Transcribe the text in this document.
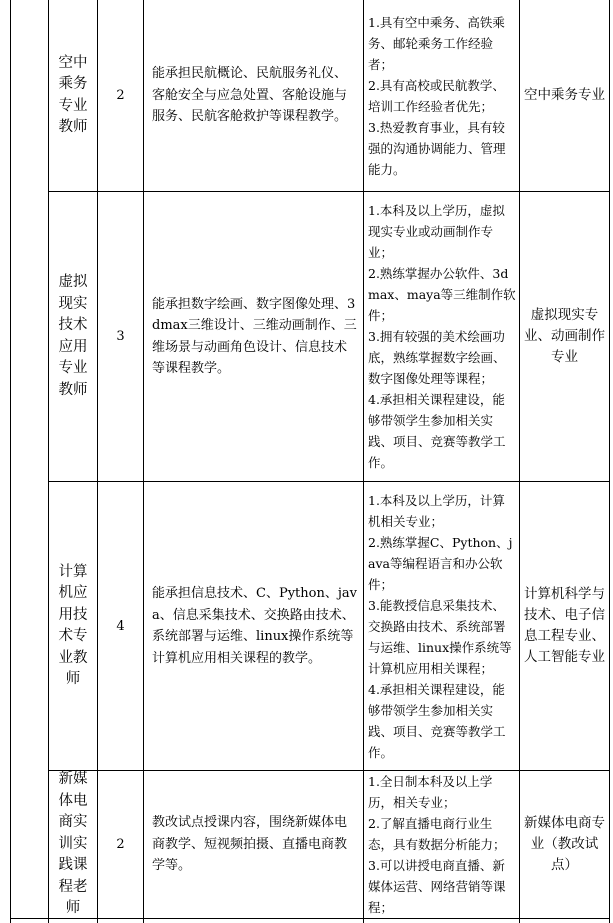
空中乘务专业教师
2
能承担民航概论、民航服务礼仪、客舱安全与应急处置、客舱设施与服务、民航客舱救护等课程教学。
1.具有空中乘务、高铁乘务、邮轮乘务工作经验者；
2.具有高校或民航教学、培训工作经验者优先；
3.热爱教育事业，具有较强的沟通协调能力、管理能力。
空中乘务专业
虚拟现实技术应用专业教师
3
能承担数字绘画、数字图像处理、3dmax三维设计、三维动画制作、三维场景与动画角色设计、信息技术等课程教学。
1.本科及以上学历，虚拟现实专业或动画制作专业；
2.熟练掌握办公软件、3dmax、maya等三维制作软件；
3.拥有较强的美术绘画功底，熟练掌握数字绘画、数字图像处理等课程；
4.承担相关课程建设，能够带领学生参加相关实践、项目、竞赛等教学工作。
虚拟现实专业、动画制作专业
计算机应用技术专业教师
4
能承担信息技术、C、Python、java、信息采集技术、交换路由技术、系统部署与运维、linux操作系统等计算机应用相关课程的教学。
1.本科及以上学历，计算机相关专业；
2.熟练掌握C、Python、java等编程语言和办公软件；
3.能教授信息采集技术、交换路由技术、系统部署与运维、linux操作系统等计算机应用相关课程；
4.承担相关课程建设，能够带领学生参加相关实践、项目、竞赛等教学工作。
计算机科学与技术、电子信息工程专业、人工智能专业
新媒体电商实训实践课程老师
2
教改试点授课内容，围绕新媒体电商教学、短视频拍摄、直播电商教学等。
1.全日制本科及以上学历，相关专业；
2.了解直播电商行业生态，具有数据分析能力；
3.可以讲授电商直播、新媒体运营、网络营销等课程；
新媒体电商专业（教改试点）
